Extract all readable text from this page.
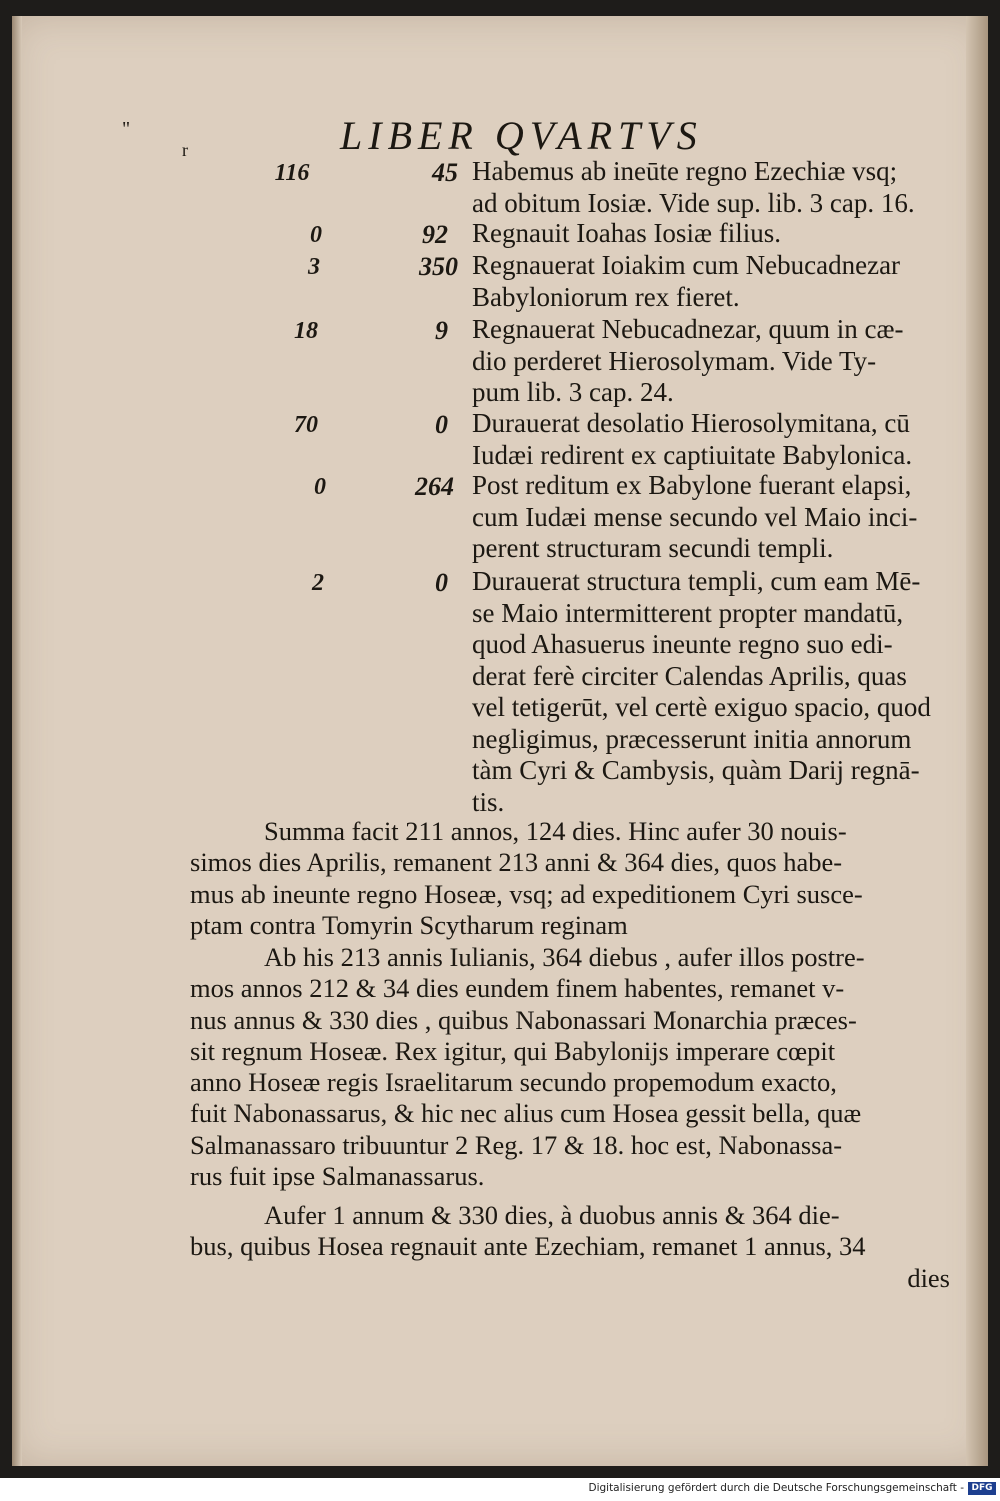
"
r	LIBER QVARTVS
116	45 Habemus ab ineūte regno Ezechiæ vsq;
ad obitum Iosiæ. Vide sup. lib. 3 cap. 16.
0	92 Regnauit Ioahas Iosiæ filius.
3	350 Regnauerat Ioiakim cum Nebucadnezar
Babyloniorum rex fieret.
18	9 Regnauerat Nebucadnezar, quum in cæ-
dio perderet Hierosolymam. Vide Ty-
pum lib. 3 cap. 24.
70	0 Durauerat desolatio Hierosolymitana, cū
Iudæi redirent ex captiuitate Babylonica.
0	264 Post reditum ex Babylone fuerant elapsi,
cum Iudæi mense secundo vel Maio inci-
perent structuram secundi templi.
2	0 Durauerat structura templi, cum eam Mē-
se Maio intermitterent propter mandatū,
quod Ahasuerus ineunte regno suo edi-
derat ferè circiter Calendas Aprilis, quas
vel tetigerūt, vel certè exiguo spacio, quod
negligimus, præcesserunt initia annorum
tàm Cyri & Cambysis, quàm Darij regnā-
tis.
Summa facit 211 annos, 124 dies. Hinc aufer 30 nouis-
simos dies Aprilis, remanent 213 anni & 364 dies, quos habe-
mus ab ineunte regno Hoseæ, vsq; ad expeditionem Cyri susce-
ptam contra Tomyrin Scytharum reginam
Ab his 213 annis Iulianis, 364 diebus , aufer illos postre-
mos annos 212 & 34 dies eundem finem habentes, remanet v-
nus annus & 330 dies , quibus Nabonassari Monarchia præces-
sit regnum Hoseæ. Rex igitur, qui Babylonijs imperare cœpit
anno Hoseæ regis Israelitarum secundo propemodum exacto,
fuit Nabonassarus, & hic nec alius cum Hosea gessit bella, quæ
Salmanassaro tribuuntur 2 Reg. 17 & 18. hoc est, Nabonassa-
rus fuit ipse Salmanassarus.
Aufer 1 annum & 330 dies, à duobus annis & 364 die-
bus, quibus Hosea regnauit ante Ezechiam, remanet 1 annus, 34
dies
Digitalisierung gefördert durch die Deutsche Forschungsgemeinschaft - DFG
